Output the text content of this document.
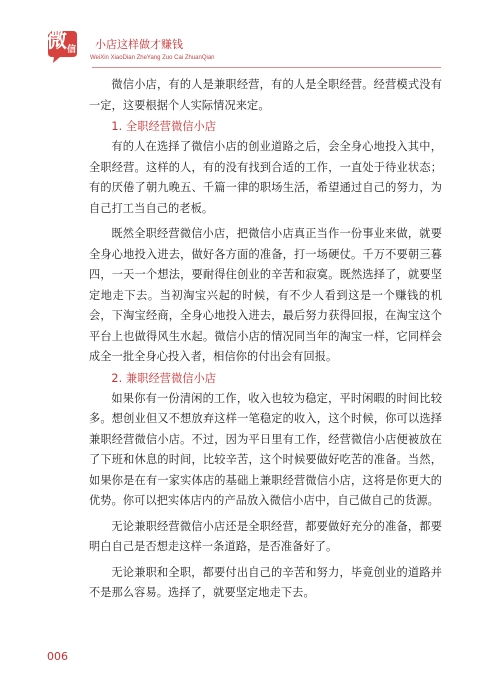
微 信 小店这样做才赚钱
WeiXin XiaoDian ZheYang Zuo Cai ZhuanQian

微信小店，有的人是兼职经营，有的人是全职经营。经营模式没有一定，这要根据个人实际情况来定。

1. 全职经营微信小店

有的人在选择了微信小店的创业道路之后，会全身心地投入其中，全职经营。这样的人，有的没有找到合适的工作，一直处于待业状态；有的厌倦了朝九晚五、千篇一律的职场生活，希望通过自己的努力，为自己打工当自己的老板。

既然全职经营微信小店，把微信小店真正当作一份事业来做，就要全身心地投入进去，做好各方面的准备，打一场硬仗。千万不要朝三暮四，一天一个想法，要耐得住创业的辛苦和寂寞。既然选择了，就要坚定地走下去。当初淘宝兴起的时候，有不少人看到这是一个赚钱的机会，下淘宝经商，全身心地投入进去，最后努力获得回报，在淘宝这个平台上也做得风生水起。微信小店的情况同当年的淘宝一样，它同样会成全一批全身心投入者，相信你的付出会有回报。

2. 兼职经营微信小店

如果你有一份清闲的工作，收入也较为稳定，平时闲暇的时间比较多。想创业但又不想放弃这样一笔稳定的收入，这个时候，你可以选择兼职经营微信小店。不过，因为平日里有工作，经营微信小店便被放在了下班和休息的时间，比较辛苦，这个时候要做好吃苦的准备。当然，如果你是在有一家实体店的基础上兼职经营微信小店，这将是你更大的优势。你可以把实体店内的产品放入微信小店中，自己做自己的货源。

无论兼职经营微信小店还是全职经营，都要做好充分的准备，都要明白自己是否想走这样一条道路，是否准备好了。

无论兼职和全职，都要付出自己的辛苦和努力，毕竟创业的道路并不是那么容易。选择了，就要坚定地走下去。

006
